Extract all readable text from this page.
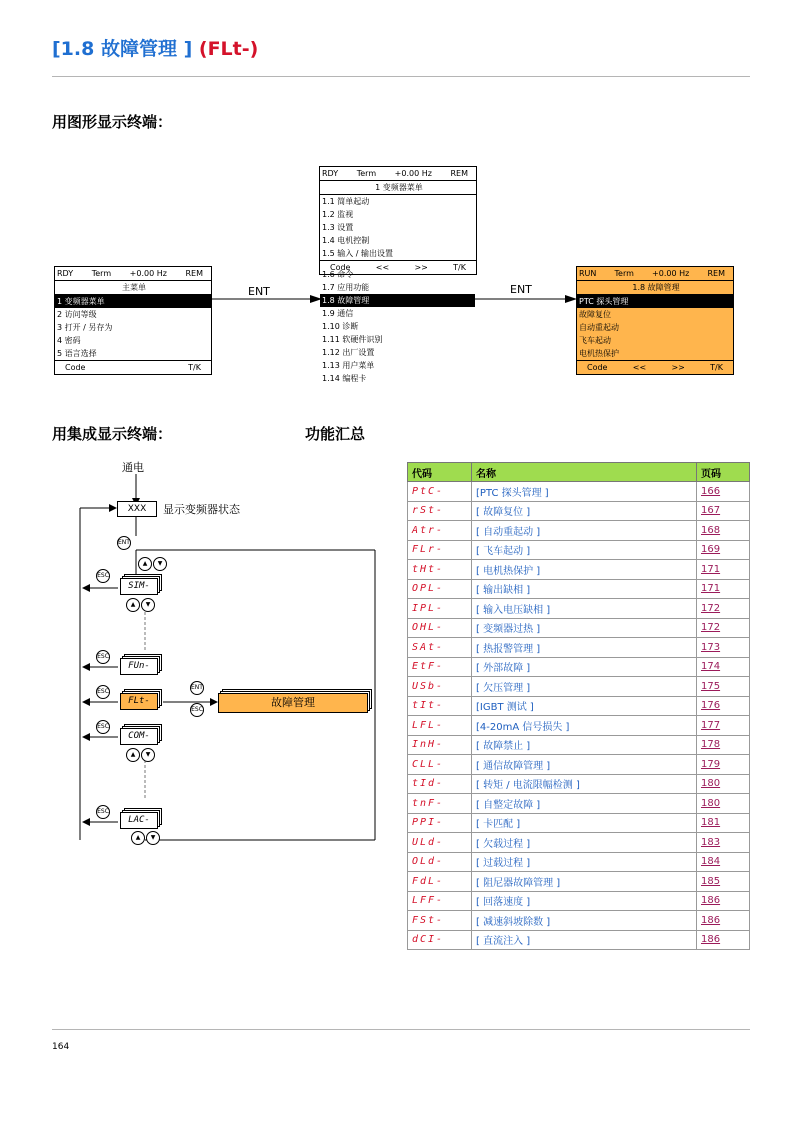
[1.8 故障管理 ] (FLt-)
用图形显示终端：
RDY Term +0.00 Hz REM
主菜单
1 变频器菜单
2 访问等级
3 打开 / 另存为
4 密码
5 语言选择
Code	T/K
ENT
RDY Term +0.00 Hz REM
1 变频器菜单
1.1 简单起动
1.2 监视
1.3 设置
1.4 电机控制
1.5 输入 / 输出设置
Code	<<	>>	T/K
1.6 命令
1.7 应用功能
1.8 故障管理
1.9 通信
1.10 诊断
1.11 软硬件识别
1.12 出厂设置
1.13 用户菜单
1.14 编程卡
ENT
RUN Term +0.00 Hz REM
1.8 故障管理
PTC 探头管理
故障复位
自动重起动
飞车起动
电机热保护
Code	<<	>>	T/K
用集成显示终端：	功能汇总
通电
XXX	显示变频器状态
ENT
▲	▼
ESC
SIM-
▲	▼
ESC
FUn-
ESC
FLt-
ENT
ESC
故障管理
ESC
COM-
▲	▼
ESC
LAC-
▲	▼
代码	名称	页码
PtC-	[PTC 探头管理 ]	166
rSt-	[ 故障复位 ]	167
Atr-	[ 自动重起动 ]	168
FLr-	[ 飞车起动 ]	169
tHt-	[ 电机热保护 ]	171
OPL-	[ 输出缺相 ]	171
IPL-	[ 输入电压缺相 ]	172
OHL-	[ 变频器过热 ]	172
SAt-	[ 热报警管理 ]	173
EtF-	[ 外部故障 ]	174
USb-	[ 欠压管理 ]	175
tIt-	[IGBT 测试 ]	176
LFL-	[4-20mA 信号损失 ]	177
InH-	[ 故障禁止 ]	178
CLL-	[ 通信故障管理 ]	179
tId-	[ 转矩 / 电流限幅检测 ]	180
tnF-	[ 自整定故障 ]	180
PPI-	[ 卡匹配 ]	181
ULd-	[ 欠载过程 ]	183
OLd-	[ 过载过程 ]	184
FdL-	[ 阻尼器故障管理 ]	185
LFF-	[ 回落速度 ]	186
FSt-	[ 减速斜坡除数 ]	186
dCI-	[ 直流注入 ]	186
164
